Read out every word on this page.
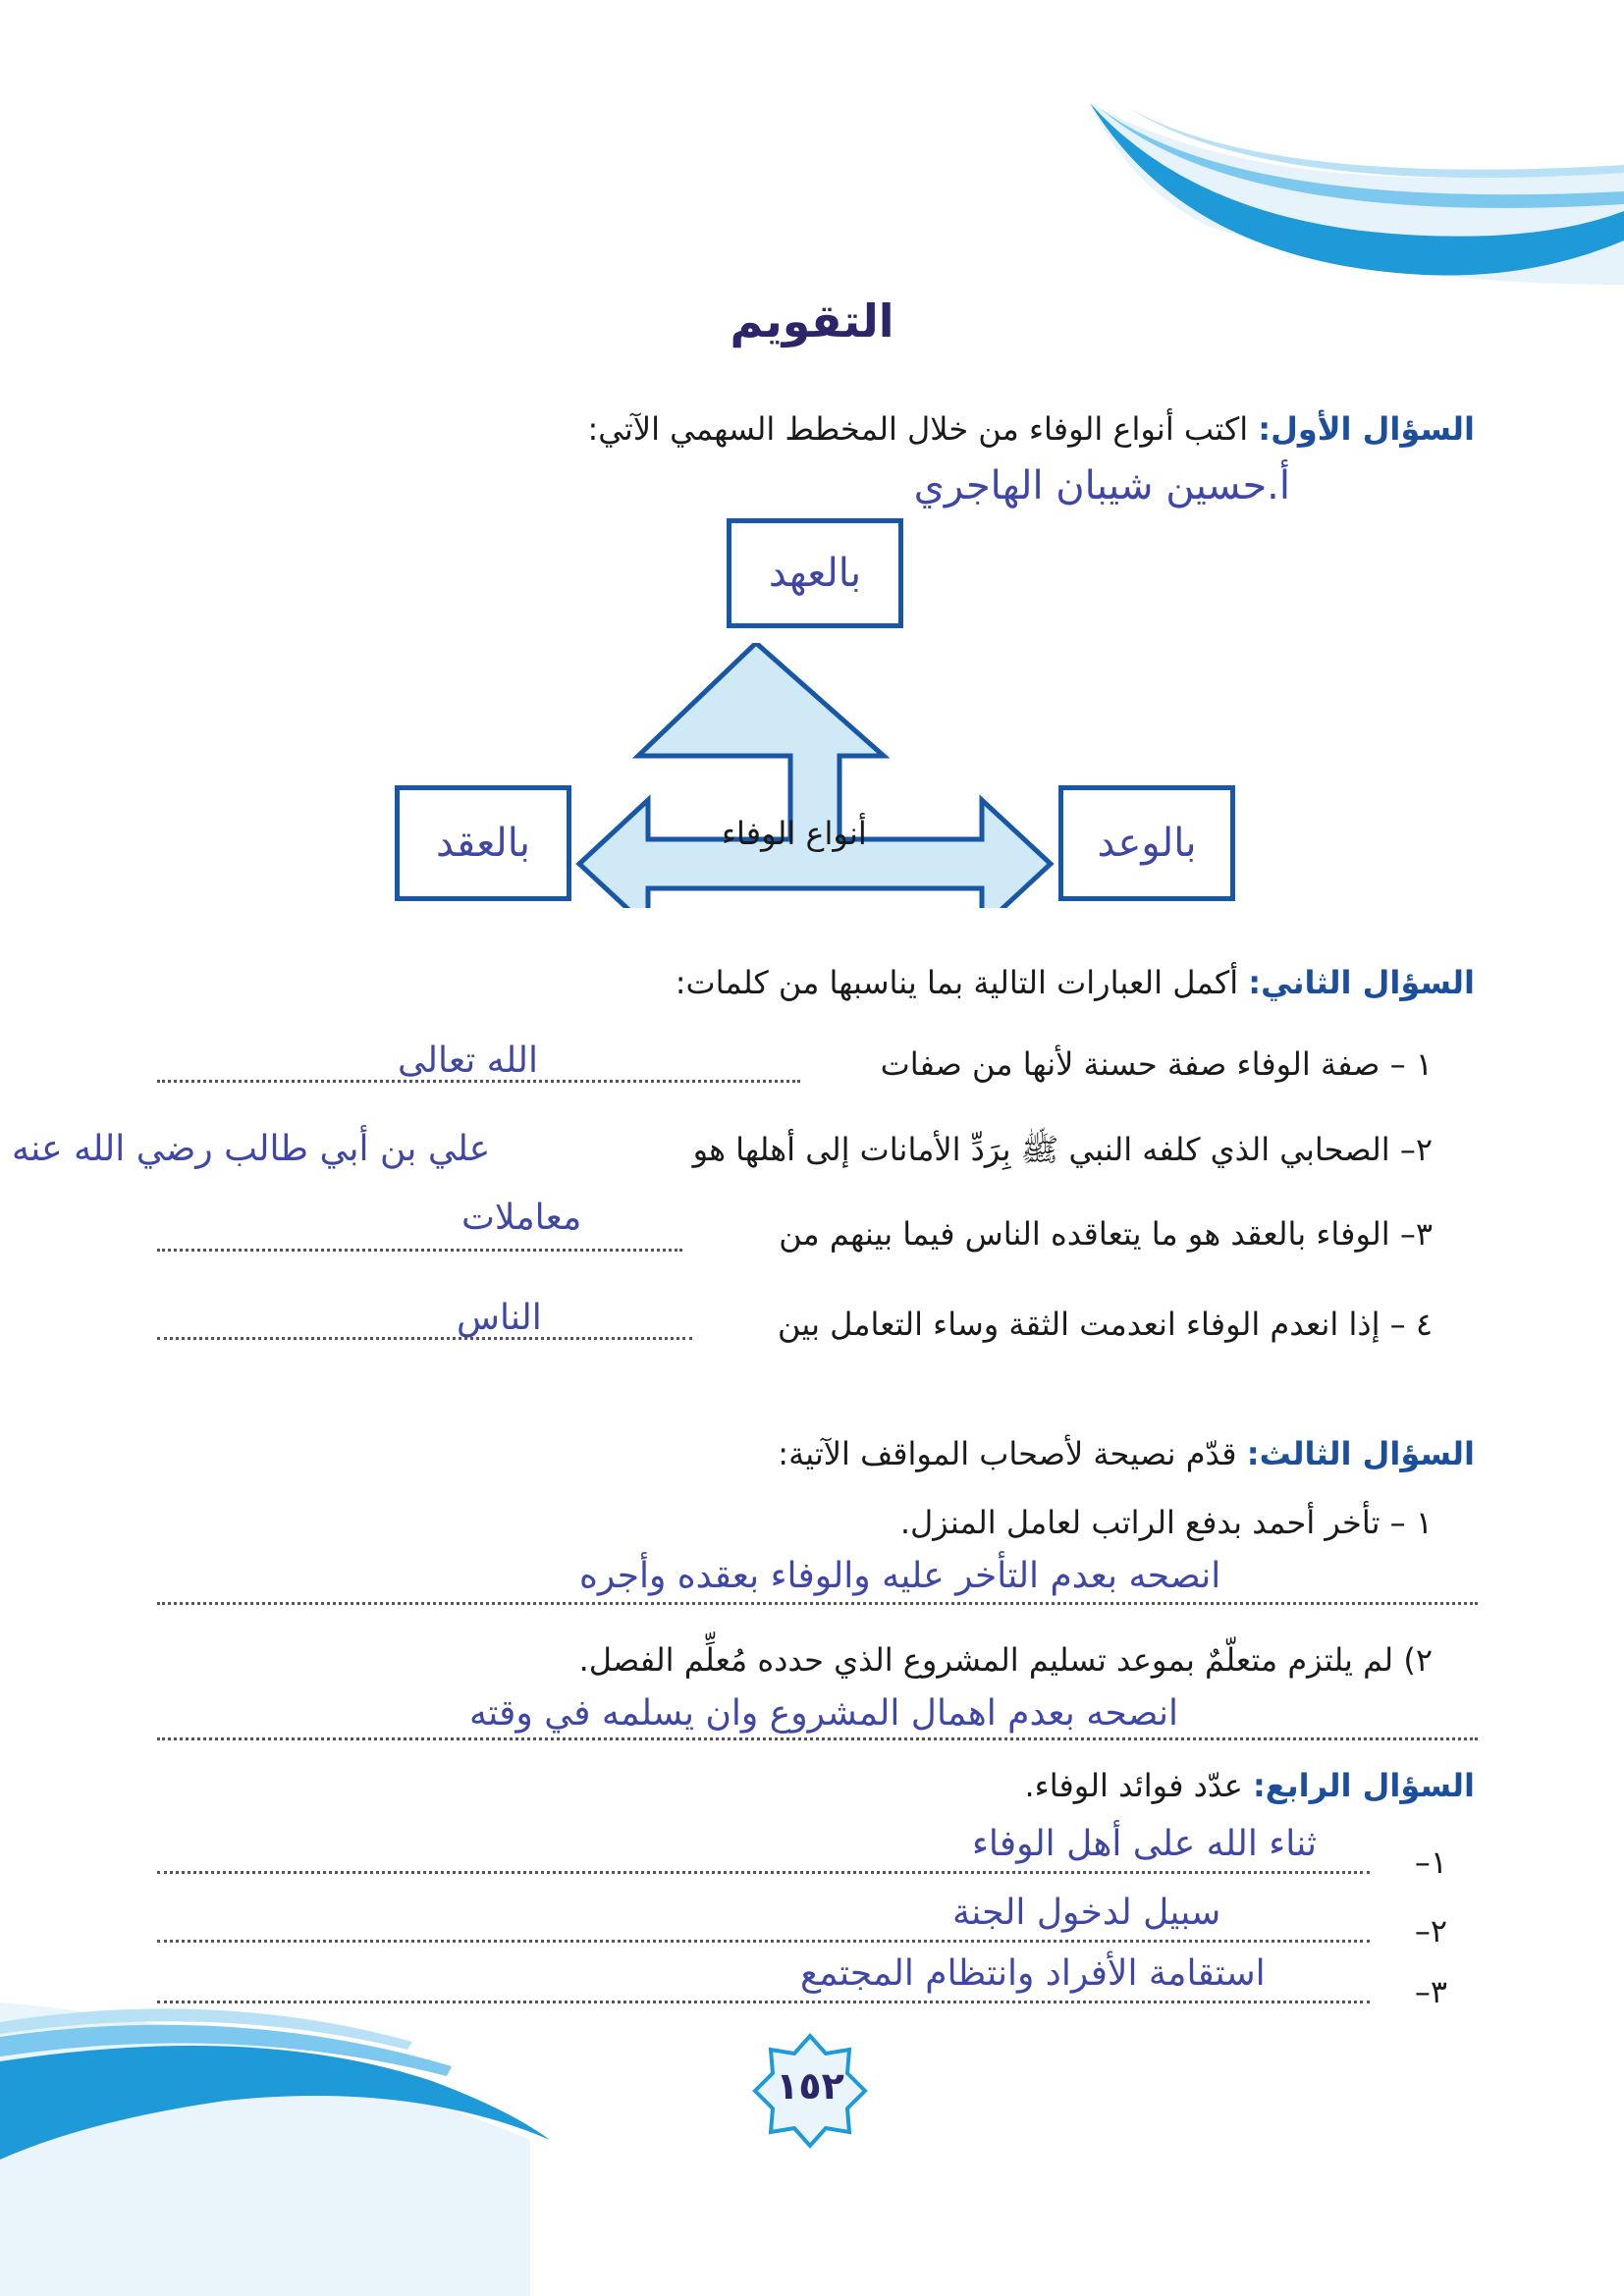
التقويم
السؤال الأول: اكتب أنواع الوفاء من خلال المخطط السهمي الآتي:
أ.حسين شيبان الهاجري
أنواع الوفاء
بالعهد
بالعقد	بالوعد
السؤال الثاني: أكمل العبارات التالية بما يناسبها من كلمات:
١ – صفة الوفاء صفة حسنة لأنها من صفات
الله تعالى
٢– الصحابي الذي كلفه النبي ﷺ بِرَدِّ الأمانات إلى أهلها هو
علي بن أبي طالب رضي الله عنه
٣– الوفاء بالعقد هو ما يتعاقده الناس فيما بينهم من
معاملات
٤ – إذا انعدم الوفاء انعدمت الثقة وساء التعامل بين
الناس
السؤال الثالث: قدّم نصيحة لأصحاب المواقف الآتية:
١ – تأخر أحمد بدفع الراتب لعامل المنزل.
انصحه بعدم التأخر عليه والوفاء بعقده وأجره
٢) لم يلتزم متعلّمٌ بموعد تسليم المشروع الذي حدده مُعلِّم الفصل.
انصحه بعدم اهمال المشروع وان يسلمه في وقته
السؤال الرابع: عدّد فوائد الوفاء.
١–
ثناء الله على أهل الوفاء
٢–
سبيل لدخول الجنة
٣–
استقامة الأفراد وانتظام المجتمع
١٥٢
